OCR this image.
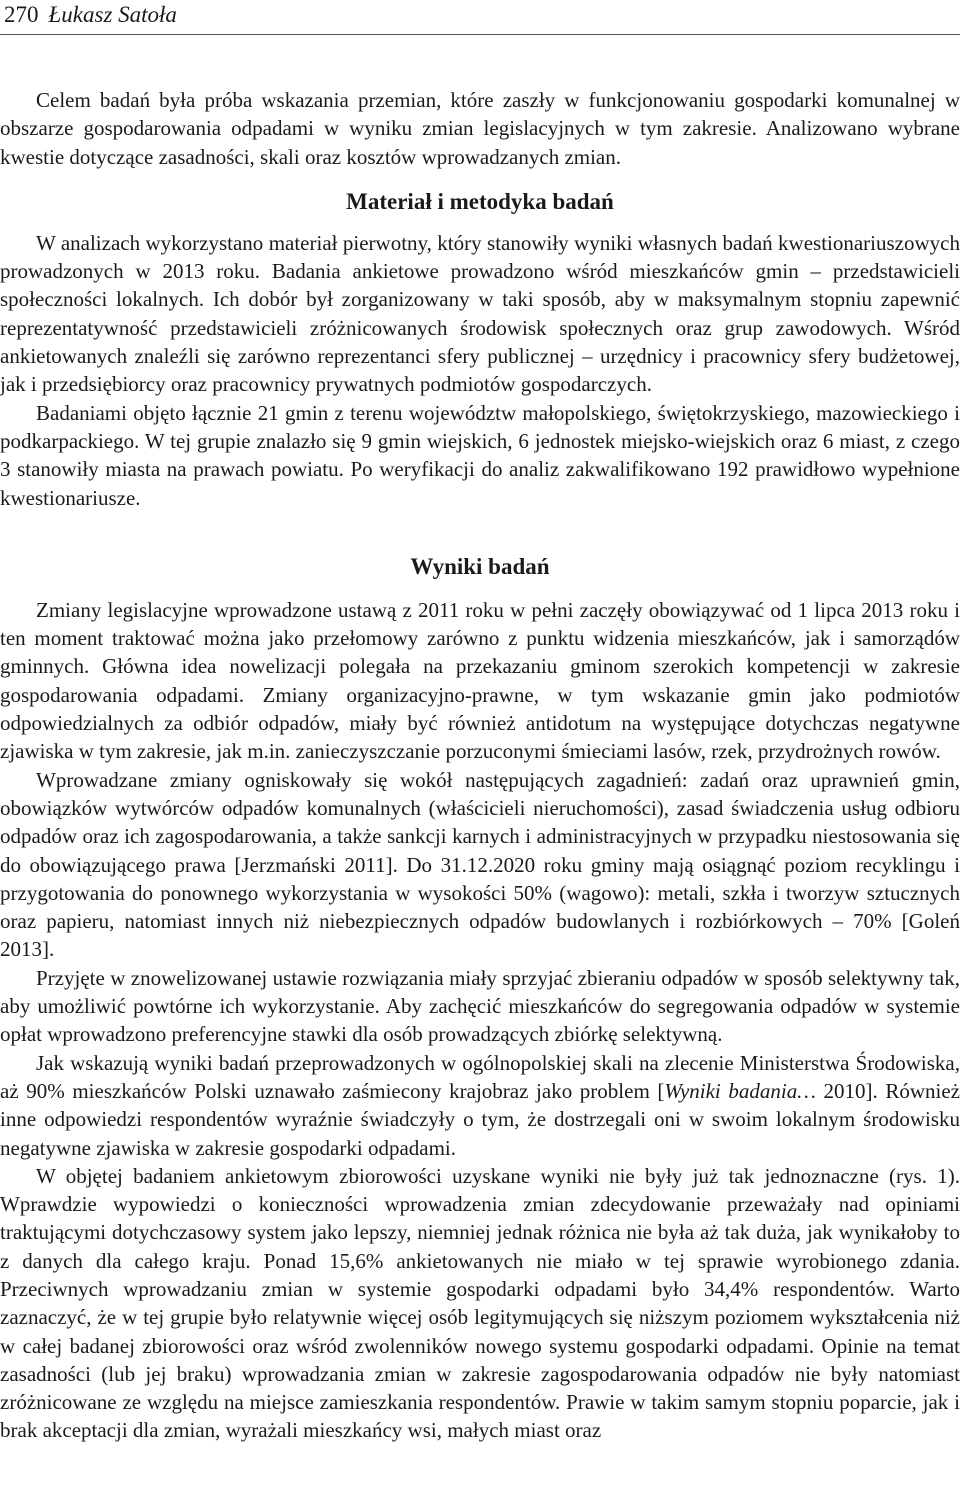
270 Łukasz Satoła

Celem badań była próba wskazania przemian, które zaszły w funkcjonowaniu gospodarki komunalnej w obszarze gospodarowania odpadami w wyniku zmian legislacyjnych w tym zakresie. Analizowano wybrane kwestie dotyczące zasadności, skali oraz kosztów wprowadzanych zmian.

Materiał i metodyka badań

W analizach wykorzystano materiał pierwotny, który stanowiły wyniki własnych badań kwestionariuszowych prowadzonych w 2013 roku. Badania ankietowe prowadzono wśród mieszkańców gmin – przedstawicieli społeczności lokalnych. Ich dobór był zorganizowany w taki sposób, aby w maksymalnym stopniu zapewnić reprezentatywność przedstawicieli zróżnicowanych środowisk społecznych oraz grup zawodowych. Wśród ankietowanych znaleźli się zarówno reprezentanci sfery publicznej – urzędnicy i pracownicy sfery budżetowej, jak i przedsiębiorcy oraz pracownicy prywatnych podmiotów gospodarczych.

Badaniami objęto łącznie 21 gmin z terenu województw małopolskiego, świętokrzyskiego, mazowieckiego i podkarpackiego. W tej grupie znalazło się 9 gmin wiejskich, 6 jednostek miejsko-wiejskich oraz 6 miast, z czego 3 stanowiły miasta na prawach powiatu. Po weryfikacji do analiz zakwalifikowano 192 prawidłowo wypełnione kwestionariusze.

Wyniki badań

Zmiany legislacyjne wprowadzone ustawą z 2011 roku w pełni zaczęły obowiązywać od 1 lipca 2013 roku i ten moment traktować można jako przełomowy zarówno z punktu widzenia mieszkańców, jak i samorządów gminnych. Główna idea nowelizacji polegała na przekazaniu gminom szerokich kompetencji w zakresie gospodarowania odpadami. Zmiany organizacyjno-prawne, w tym wskazanie gmin jako podmiotów odpowiedzialnych za odbiór odpadów, miały być również antidotum na występujące dotychczas negatywne zjawiska w tym zakresie, jak m.in. zanieczyszczanie porzuconymi śmieciami lasów, rzek, przydrożnych rowów.

Wprowadzane zmiany ogniskowały się wokół następujących zagadnień: zadań oraz uprawnień gmin, obowiązków wytwórców odpadów komunalnych (właścicieli nieruchomości), zasad świadczenia usług odbioru odpadów oraz ich zagospodarowania, a także sankcji karnych i administracyjnych w przypadku niestosowania się do obowiązującego prawa [Jerzmański 2011]. Do 31.12.2020 roku gminy mają osiągnąć poziom recyklingu i przygotowania do ponownego wykorzystania w wysokości 50% (wagowo): metali, szkła i tworzyw sztucznych oraz papieru, natomiast innych niż niebezpiecznych odpadów budowlanych i rozbiórkowych – 70% [Goleń 2013].

Przyjęte w znowelizowanej ustawie rozwiązania miały sprzyjać zbieraniu odpadów w sposób selektywny tak, aby umożliwić powtórne ich wykorzystanie. Aby zachęcić mieszkańców do segregowania odpadów w systemie opłat wprowadzono preferencyjne stawki dla osób prowadzących zbiórkę selektywną.

Jak wskazują wyniki badań przeprowadzonych w ogólnopolskiej skali na zlecenie Ministerstwa Środowiska, aż 90% mieszkańców Polski uznawało zaśmiecony krajobraz jako problem [Wyniki badania… 2010]. Również inne odpowiedzi respondentów wyraźnie świadczyły o tym, że dostrzegali oni w swoim lokalnym środowisku negatywne zjawiska w zakresie gospodarki odpadami.

W objętej badaniem ankietowym zbiorowości uzyskane wyniki nie były już tak jednoznaczne (rys. 1). Wprawdzie wypowiedzi o konieczności wprowadzenia zmian zdecydowanie przeważały nad opiniami traktującymi dotychczasowy system jako lepszy, niemniej jednak różnica nie była aż tak duża, jak wynikałoby to z danych dla całego kraju. Ponad 15,6% ankietowanych nie miało w tej sprawie wyrobionego zdania. Przeciwnych wprowadzaniu zmian w systemie gospodarki odpadami było 34,4% respondentów. Warto zaznaczyć, że w tej grupie było relatywnie więcej osób legitymujących się niższym poziomem wykształcenia niż w całej badanej zbiorowości oraz wśród zwolenników nowego systemu gospodarki odpadami. Opinie na temat zasadności (lub jej braku) wprowadzania zmian w zakresie zagospodarowania odpadów nie były natomiast zróżnicowane ze względu na miejsce zamieszkania respondentów. Prawie w takim samym stopniu poparcie, jak i brak akceptacji dla zmian, wyrażali mieszkańcy wsi, małych miast oraz
